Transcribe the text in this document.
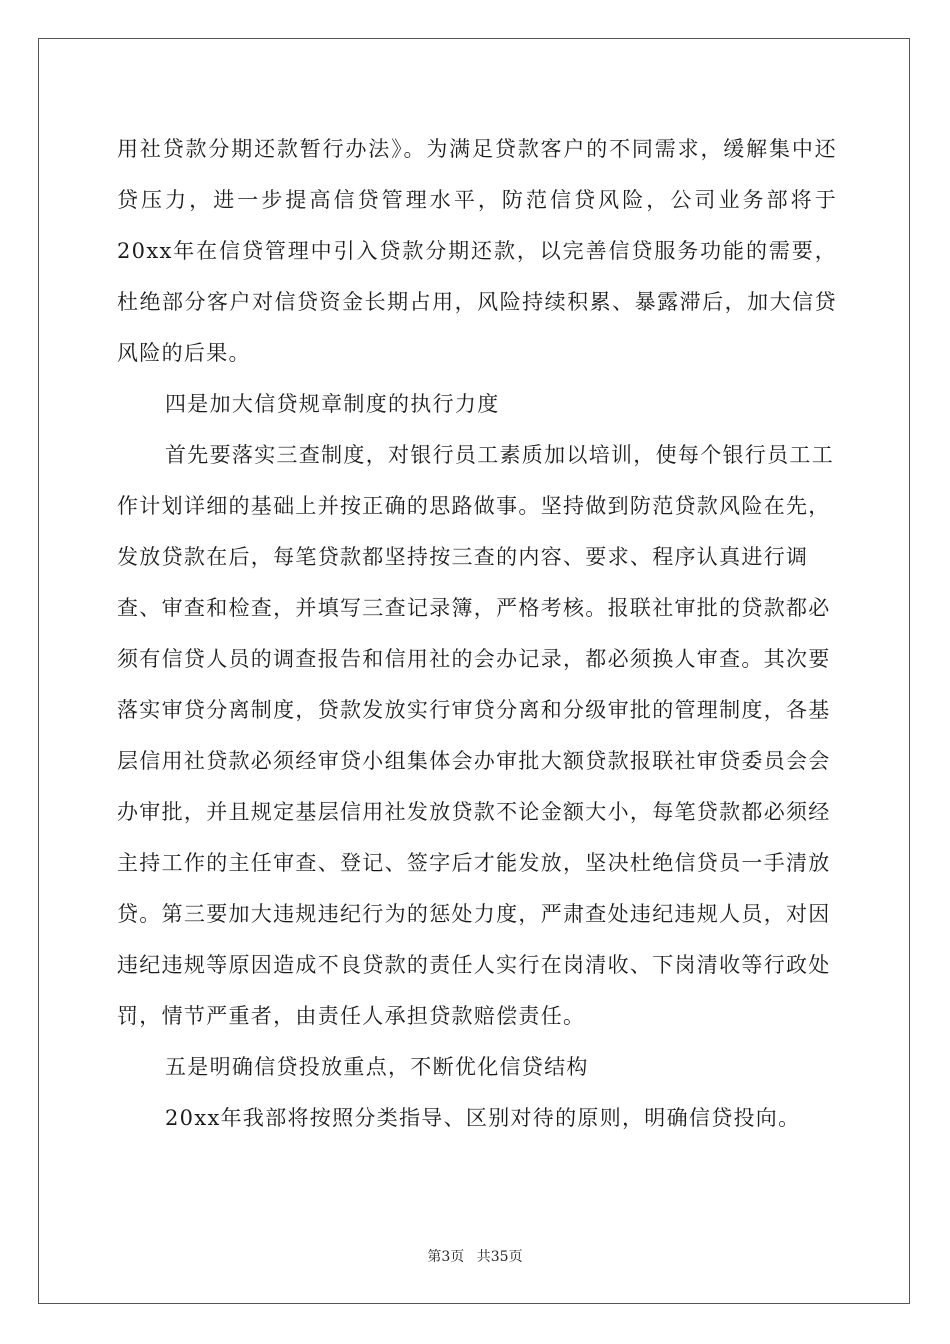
用社贷款分期还款暂行办法》。为满足贷款客户的不同需求，缓解集中还贷压力，进一步提高信贷管理水平，防范信贷风险，公司业务部将于20xx年在信贷管理中引入贷款分期还款，以完善信贷服务功能的需要，杜绝部分客户对信贷资金长期占用，风险持续积累、暴露滞后，加大信贷风险的后果。

四是加大信贷规章制度的执行力度

首先要落实三查制度，对银行员工素质加以培训，使每个银行员工工作计划详细的基础上并按正确的思路做事。坚持做到防范贷款风险在先，发放贷款在后，每笔贷款都坚持按三查的内容、要求、程序认真进行调查、审查和检查，并填写三查记录簿，严格考核。报联社审批的贷款都必须有信贷人员的调查报告和信用社的会办记录，都必须换人审查。其次要落实审贷分离制度，贷款发放实行审贷分离和分级审批的管理制度，各基层信用社贷款必须经审贷小组集体会办审批大额贷款报联社审贷委员会会办审批，并且规定基层信用社发放贷款不论金额大小，每笔贷款都必须经主持工作的主任审查、登记、签字后才能发放，坚决杜绝信贷员一手清放贷。第三要加大违规违纪行为的惩处力度，严肃查处违纪违规人员，对因违纪违规等原因造成不良贷款的责任人实行在岗清收、下岗清收等行政处罚，情节严重者，由责任人承担贷款赔偿责任。

五是明确信贷投放重点，不断优化信贷结构

20xx年我部将按照分类指导、区别对待的原则，明确信贷投向。

第3页 共35页
